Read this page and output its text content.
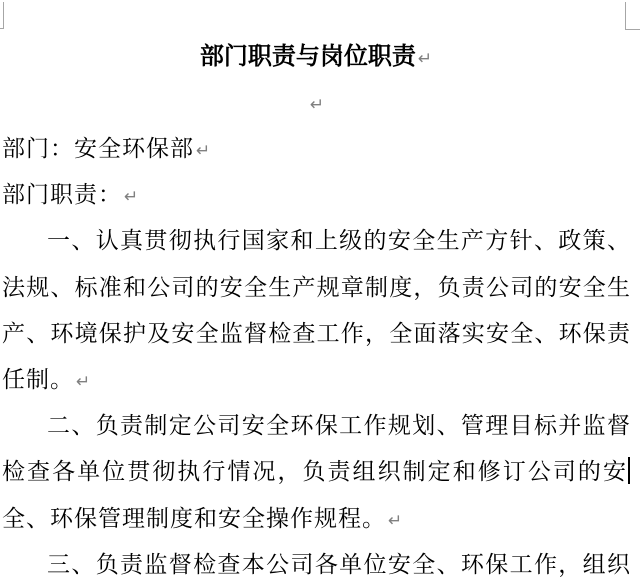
部门职责与岗位职责 ↵
↵
部门：安全环保部 ↵
部门职责： ↵
一、认真贯彻执行国家和上级的安全生产方针、政策、
法规、标准和公司的安全生产规章制度，负责公司的安全生
产、环境保护及安全监督检查工作，全面落实安全、环保责
任制。 ↵
二、负责制定公司安全环保工作规划、管理目标并监督
检查各单位贯彻执行情况，负责组织制定和修订公司的安
全、环保管理制度和安全操作规程。 ↵
三、负责监督检查本公司各单位安全、环保工作，组织
